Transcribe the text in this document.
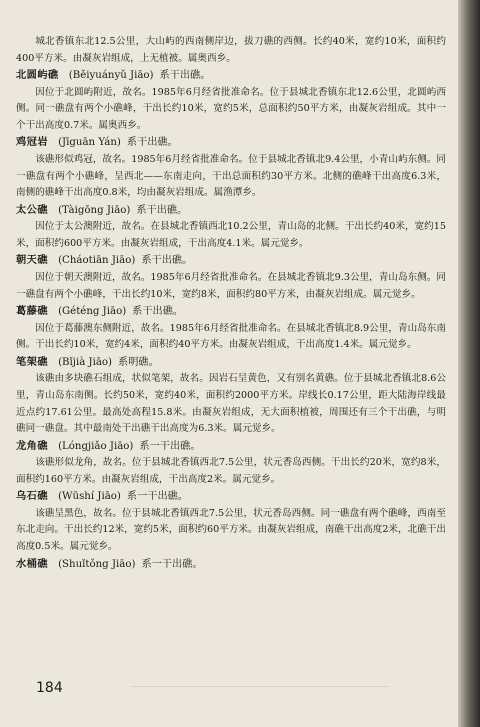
城北香镇东北12.5公里，大山屿的西南侧岸边，拔刀礁的西侧。长约40米，宽约10米，面积约400平方米。由凝灰岩组成，上无植被。属奥西乡。

北圆屿礁 (Běiyuányǔ Jiāo) 系干出礁。

因位于北圆屿附近，故名。1985年6月经省批准命名。位于县城北香镇东北12.6公里，北圆屿西侧。同一礁盘有两个小礁峰，干出长约10米，宽约5米，总面积约50平方米，由凝灰岩组成。其中一个干出高度0.7米。属奥西乡。

鸡冠岩 (Jīguān Yán) 系干出礁。

该礁形似鸡冠，故名。1985年6月经省批准命名。位于县城北香镇北9.4公里，小青山屿东侧。同一礁盘有两个小礁峰，呈西北——东南走向，干出总面积约30平方米。北侧的礁峰干出高度6.3米，南侧的礁峰干出高度0.8米，均由凝灰岩组成。属渔潭乡。

太公礁 (Tàigōng Jiāo) 系干出礁。

因位于太公澳附近，故名。在县城北香镇西北10.2公里，青山岛的北侧。干出长约40米，宽约15米，面积约600平方米。由凝灰岩组成，干出高度4.1米。属元觉乡。

朝天礁 (Cháotiān Jiāo) 系干出礁。

因位于朝天澳附近，故名。1985年6月经省批准命名。在县城北香镇北9.3公里，青山岛东侧。同一礁盘有两个小礁峰，干出长约10米，宽约8米，面积约80平方米，由凝灰岩组成。属元觉乡。

葛藤礁 (Géténg Jiāo) 系干出礁。

因位于葛藤澳东侧附近，故名。1985年6月经省批准命名。在县城北香镇北8.9公里，青山岛东南侧。干出长约10米，宽约4米，面积约40平方米。由凝灰岩组成，干出高度1.4米。属元觉乡。

笔架礁 (Bǐjià Jiāo) 系明礁。

该礁由多块礁石组成，状似笔架，故名。因岩石呈黄色，又有别名黄礁。位于县城北香镇北8.6公里，青山岛东南侧。长约50米，宽约40米，面积约2000平方米。岸线长0.17公里，距大陆海岸线最近点约17.61公里。最高处高程15.8米。由凝灰岩组成，无大面积植被，周围还有三个干出礁，与明礁同一礁盘。其中最南处干出礁干出高度为6.3米。属元觉乡。

龙角礁 (Lóngjiǎo Jiāo) 系一干出礁。

该礁形似龙角，故名。位于县城北香镇西北7.5公里，状元香岛西侧。干出长约20米，宽约8米，面积约160平方米。由凝灰岩组成，干出高度2米。属元觉乡。

乌石礁 (Wūshí Jiāo) 系一干出礁。

该礁呈黑色，故名。位于县城北香镇西北7.5公里，状元香岛西侧。同一礁盘有两个礁峰，西南至东北走向。干出长约12米，宽约5米，面积约60平方米。由凝灰岩组成，南礁干出高度2米，北礁干出高度0.5米。属元觉乡。

水桶礁 (Shuǐtǒng Jiāo) 系一干出礁。

184
